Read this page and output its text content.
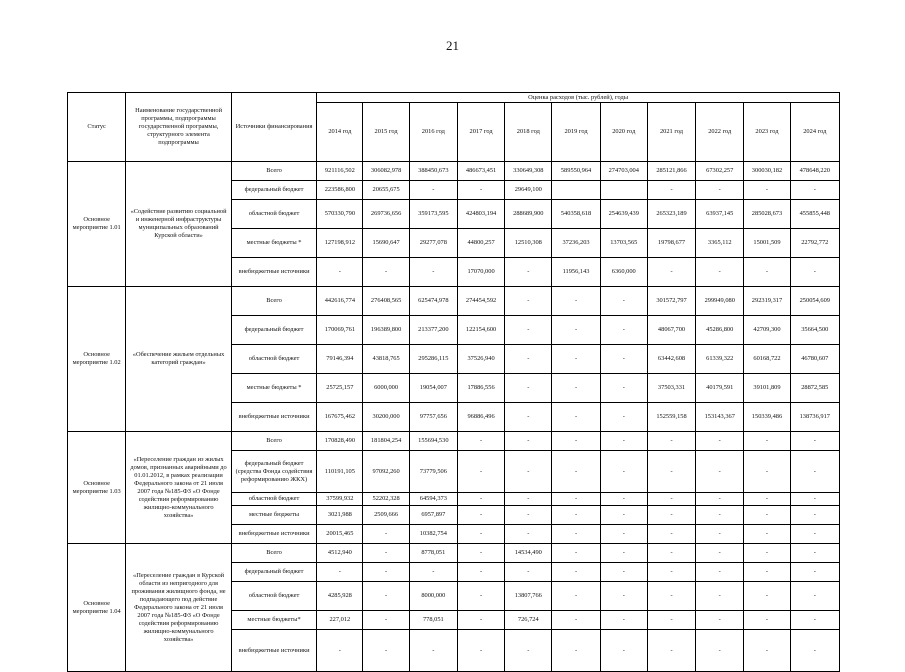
21
Статус	Наименование государственной программы, подпрограммы государственной программы, структурного элемента подпрограммы	Источники финансирования	Оценка расходов (тыс. рублей), годы										
			2014 год	2015 год	2016 год	2017 год	2018 год	2019 год	2020 год	2021 год	2022 год	2023 год	2024 год
Основное мероприятие 1.01	«Содействие развитию социальной и инженерной инфраструктуры муниципальных образований Курской области»	Всего	921116,502	306082,978	388450,673	486673,451	330649,308	589550,964	274703,004	285121,866	67302,257	300030,182	478648,220
		федеральный бюджет	223586,800	20655,675	-	-	29649,100			-	-	-	-
		областной бюджет	570330,790	269736,656	359173,595	424803,194	288689,900	540358,618	254639,439	265323,189	63937,145	285028,673	455855,448
		местные бюджеты *	127198,912	15690,647	29277,078	44800,257	12510,308	37236,203	13703,565	19798,677	3365,112	15001,509	22792,772
		внебюджетные источники	-	-	-	17070,000	-	11956,143	6360,000	-	-	-	-
Основное мероприятие 1.02	«Обеспечение жильем отдельных категорий граждан»	Всего	442616,774	276408,565	625474,978	274454,592	-	-	-	301572,797	299949,080	292319,317	250054,609
		федеральный бюджет	170069,761	196389,800	213377,200	122154,600	-	-	-	48067,700	45286,800	42709,300	35664,500
		областной бюджет	79146,394	43818,765	295286,115	37526,940	-	-	-	63442,608	61339,322	60168,722	46780,607
		местные бюджеты *	25725,157	6000,000	19054,007	17886,556	-	-	-	37503,331	40179,591	39101,809	28872,585
		внебюджетные источники	167675,462	30200,000	97757,656	96886,496	-	-	-	152559,158	153143,367	150339,486	138736,917
Основное мероприятие 1.03	«Переселение граждан из жилых домов, признанных аварийными до 01.01.2012, в рамках реализации Федерального закона от 21 июля 2007 года №185-ФЗ «О Фонде содействия реформированию жилищно-коммунального хозяйства»	Всего	170828,490	181804,254	155694,530	-	-	-	-	-	-	-	-
		федеральный бюджет (средства Фонда содействия реформированию ЖКХ)	110191,105	97092,260	73779,506	-	-	-	-	-	-	-	-
		областной бюджет	37599,932	52202,328	64594,373	-	-	-	-	-	-	-	-
		местные бюджеты	3021,988	2509,666	6957,897	-	-	-	-	-	-	-	-
		внебюджетные источники	20015,465	-	10382,754	-	-	-	-	-	-	-	-
Основное мероприятие 1.04	«Переселение граждан в Курской области из непригодного для проживания жилищного фонда, не подпадающего под действие Федерального закона от 21 июля 2007 года №185-ФЗ «О Фонде содействия реформированию жилищно-коммунального хозяйства»	Всего	4512,940	-	8778,051	-	14534,490	-	-	-	-	-	-
		федеральный бюджет	-	-	-	-	-	-	-	-	-	-	-
		областной бюджет	4285,928	-	8000,000	-	13807,766	-	-	-	-	-	-
		местные бюджеты*	227,012	-	778,051	-	726,724	-	-	-	-	-	-
		внебюджетные источники	-	-	-	-	-	-	-	-	-	-	-
